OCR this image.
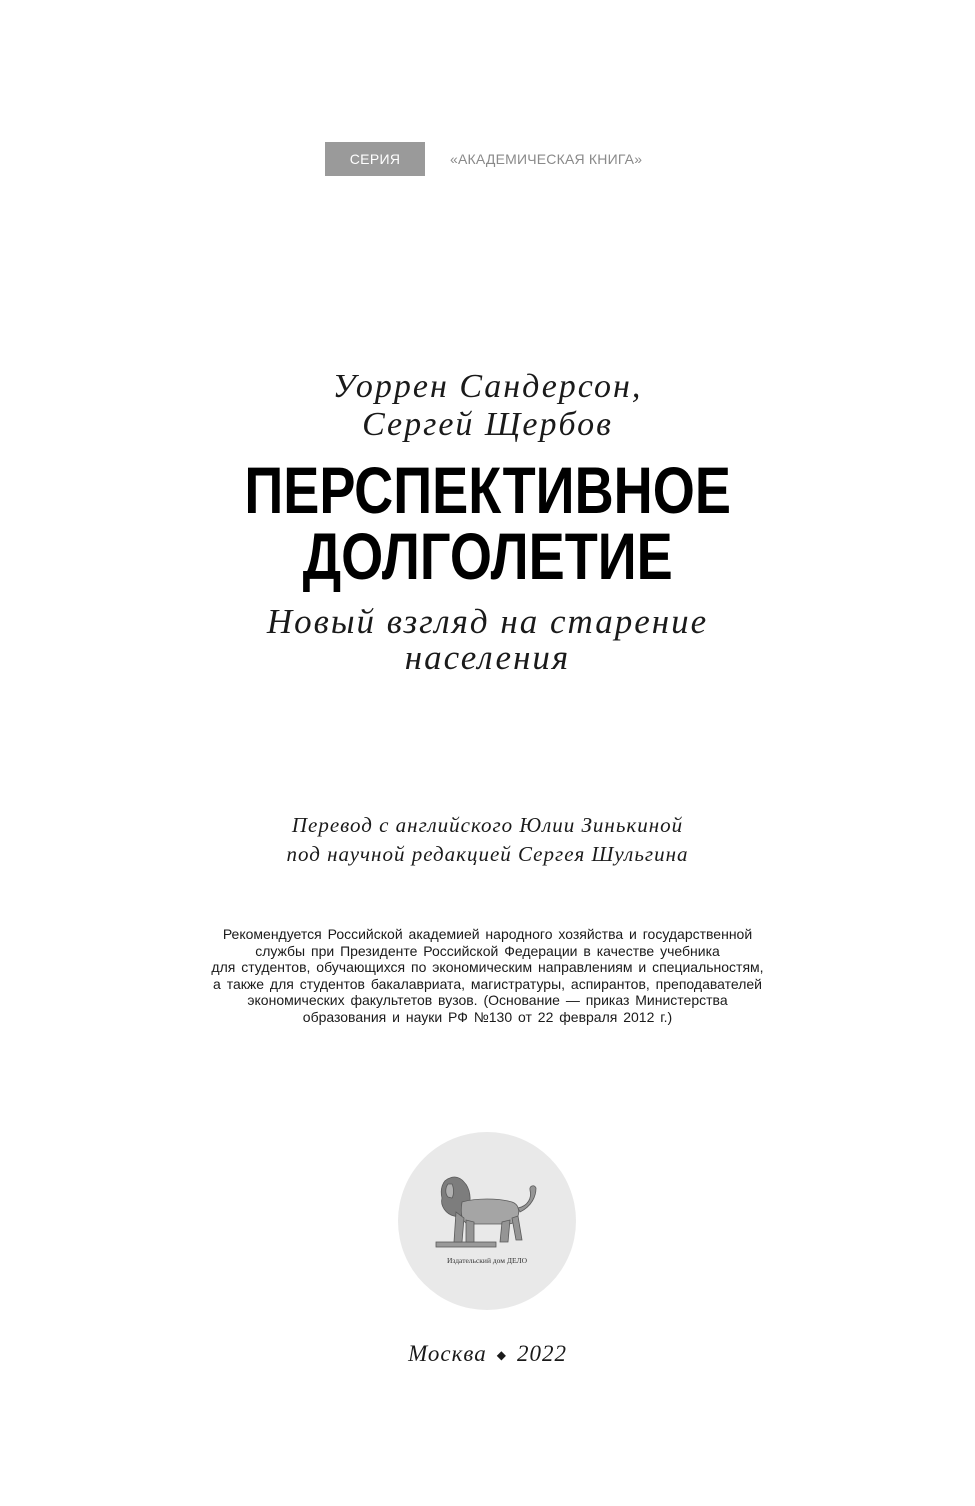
СЕРИЯ	«АКАДЕМИЧЕСКАЯ КНИГА»
Уоррен Сандерсон,
Сергей Щербов
ПЕРСПЕКТИВНОЕ
ДОЛГОЛЕТИЕ
Новый взгляд на старение
населения
Перевод с английского Юлии Зинькиной
под научной редакцией Сергея Шульгина
Рекомендуется Российской академией народного хозяйства и государственной
службы при Президенте Российской Федерации в качестве учебника
для студентов, обучающихся по экономическим направлениям и специальностям,
а также для студентов бакалавриата, магистратуры, аспирантов, преподавателей
экономических факультетов вузов. (Основание — приказ Министерства
образования и науки РФ №130 от 22 февраля 2012 г.)
Издательский дом ДЕЛО
Москва ◆ 2022
